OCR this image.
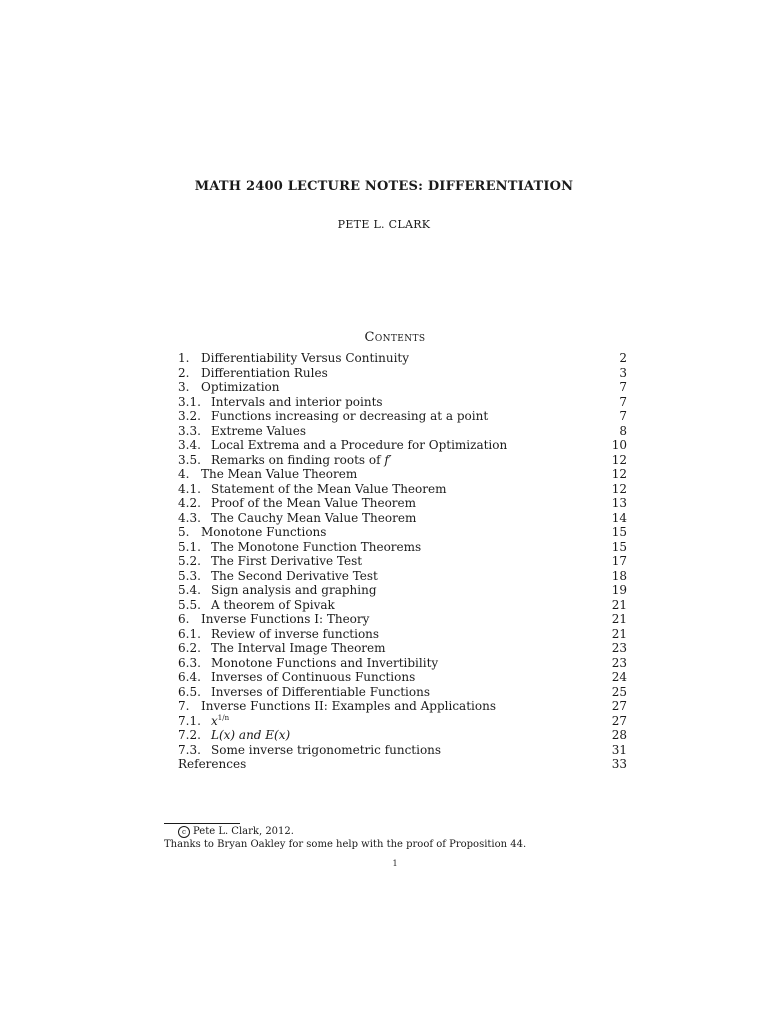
MATH 2400 LECTURE NOTES: DIFFERENTIATION
PETE L. CLARK
Contents
1. Differentiability Versus Continuity	2
2. Differentiation Rules	3
3. Optimization	7
3.1. Intervals and interior points	7
3.2. Functions increasing or decreasing at a point	7
3.3. Extreme Values	8
3.4. Local Extrema and a Procedure for Optimization	10
3.5. Remarks on finding roots of f′	12
4. The Mean Value Theorem	12
4.1. Statement of the Mean Value Theorem	12
4.2. Proof of the Mean Value Theorem	13
4.3. The Cauchy Mean Value Theorem	14
5. Monotone Functions	15
5.1. The Monotone Function Theorems	15
5.2. The First Derivative Test	17
5.3. The Second Derivative Test	18
5.4. Sign analysis and graphing	19
5.5. A theorem of Spivak	21
6. Inverse Functions I: Theory	21
6.1. Review of inverse functions	21
6.2. The Interval Image Theorem	23
6.3. Monotone Functions and Invertibility	23
6.4. Inverses of Continuous Functions	24
6.5. Inverses of Differentiable Functions	25
7. Inverse Functions II: Examples and Applications	27
7.1. $x^{1/n}$	27
7.2. L(x) and E(x)	28
7.3. Some inverse trigonometric functions	31
References	33
c Pete L. Clark, 2012.
Thanks to Bryan Oakley for some help with the proof of Proposition 44.
1
